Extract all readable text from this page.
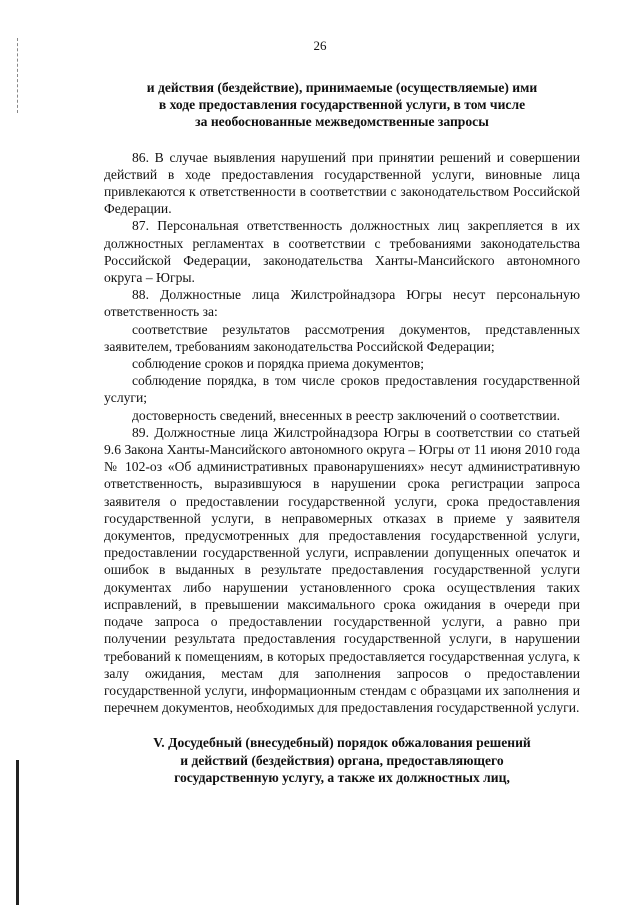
26
и действия (бездействие), принимаемые (осуществляемые) ими
в ходе предоставления государственной услуги, в том числе
за необоснованные межведомственные запросы

86. В случае выявления нарушений при принятии решений и совершении действий в ходе предоставления государственной услуги, виновные лица привлекаются к ответственности в соответствии с законодательством Российской Федерации.

87. Персональная ответственность должностных лиц закрепляется в их должностных регламентах в соответствии с требованиями законодательства Российской Федерации, законодательства Ханты-Мансийского автономного округа – Югры.

88. Должностные лица Жилстройнадзора Югры несут персональную ответственность за:

соответствие результатов рассмотрения документов, представленных заявителем, требованиям законодательства Российской Федерации;

соблюдение сроков и порядка приема документов;

соблюдение порядка, в том числе сроков предоставления государственной услуги;

достоверность сведений, внесенных в реестр заключений о соответствии.

89. Должностные лица Жилстройнадзора Югры в соответствии со статьей 9.6 Закона Ханты-Мансийского автономного округа – Югры от 11 июня 2010 года № 102-оз «Об административных правонарушениях» несут административную ответственность, выразившуюся в нарушении срока регистрации запроса заявителя о предоставлении государственной услуги, срока предоставления государственной услуги, в неправомерных отказах в приеме у заявителя документов, предусмотренных для предоставления государственной услуги, предоставлении государственной услуги, исправлении допущенных опечаток и ошибок в выданных в результате предоставления государственной услуги документах либо нарушении установленного срока осуществления таких исправлений, в превышении максимального срока ожидания в очереди при подаче запроса о предоставлении государственной услуги, а равно при получении результата предоставления государственной услуги, в нарушении требований к помещениям, в которых предоставляется государственная услуга, к залу ожидания, местам для заполнения запросов о предоставлении государственной услуги, информационным стендам с образцами их заполнения и перечнем документов, необходимых для предоставления государственной услуги.

V. Досудебный (внесудебный) порядок обжалования решений
и действий (бездействия) органа, предоставляющего
государственную услугу, а также их должностных лиц,
